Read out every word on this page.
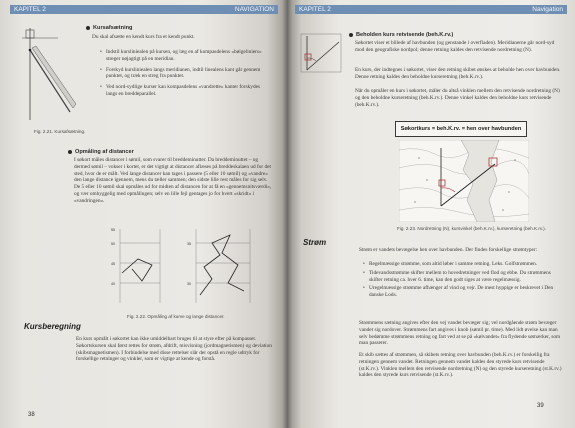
KAPITEL 2	NAVIGATION
Fig. 2.21. Kursafsætning.
Kursafsætning
Du skal afsætte en kendt kurs fra et kendt punkt.
• Indstil kursliniealen på kursen, og læg en af kompasdelens «bølgeliniers» streger nøjagtigt på en meridian.
• Forskyd kursliniealen langs meridianen, indtil linealens kant går gennem punktet, og træk en streg fra punktet.
• Ved nord-sydlige kurser kan kompasdelens «vandrette» kanter forskydes langs en breddeparallel.
Opmåling af distancer
I søkort måles distancer i sømil, som svarer til breddeminutter. Da breddeminuttet – og dermed sømil – vokser i kortet, er det vigtigt at distancer aflæses på breddeskalaen ud for det sted, hvor de er målt. Ved lange distancer kan tages i passere (5 eller 10 sømil) og «vandre» den lange distance igennem, mens du tæller sammen; den sidste lille rest måles for sig selv. De 5 eller 10 sømil skal opmåles ud for midten af distancen for at få en «gennemsnitsværdi», og vær omhyggelig med opmålingen; selv en lille fejl gentages jo for hvert «skridt» i «vandringen».
55
50
45
40
35
30
Fig. 2.22. Opmåling af kurve og lange distancer.
Kursberegning
En kurs opmålt i søkortet kan ikke umiddelbart bruges til at styre efter på kompasset. Søkortskursen skal først rettes for strøm, afdrift, misvisning (jordmagnetismen) og deviation (skibsmagnetismen). I forbindelse med disse rettelser slår der opstå en regle udtryk for forskellige retninger og vinkler, som er vigtige at kende og forstå.
38
KAPITEL 2	Navigation
Beholden kurs retvisende (beh.K.rv.)
Søkortet viser et billede af havbunden (og genstande i overfladen). Meridianerne går nord-syd mod den geografiske nordpol; denne retning kaldes den retvisende nordretning (N).
En kurs, der indtegnes i søkortet, viser den retning skibet ønskes at beholde hen over havbunden. Denne retning kaldes den beholdne kurseretning (beh.K.rv.).
Når du opmåler en kurs i søkortet, måler du altså vinklen mellem den retvisende nordretning (N) og den beholdne kurseretning (beh.K.rv.). Denne vinkel kaldes den beholdne kurs retvisende (beh.K.rv.).
Søkortkurs = beh.K.rv. = hen over havbunden
Fig. 2.23. Nordretning (N), kursvinkel (beh.K.rv.), kurseretning (beh.K.rv.).
Strøm
Strøm er vandets bevægelse hen over havbunden. Der findes forskellige strømtyper:
• Regelmæssige strømme, som altid løber i samme retning. Leks. Golfstrømmen.
• Tidevandsstrømme skifter mellem to hovedretninger ved flod og ebbe. Du strømmens skifter retning ca. hver 6. time, kan den godt siges at være regelmæssig.
• Uregelmæssige strømme afhænger af vind og vejr. De mest hyppige er beskrevet i Den danske Lods.
Strømmens sætning angives efter den vej vandet bevæger sig; vel nordgående strøm bevæger vandet sig nordover. Strømmens fart angives i knob (sømil pr. time). Med lidt øvelse kan man selv bedømme strømmens retning og fart ved at se på «kølvandet» fra flydende sømærker, som man passerer.
Et skib sættes af strømmen, så skibets retning over havbunden (beh.K.rv.) er forskellig fra retningen gennem vandet. Retningen gennem vandet kaldes den styrede kurs retvisende (st.K.rv.). Vinklen mellem den retvisende nordretning (N) og den styrede kurseretning (st.K.rv.) kaldes den styrede kurs retvisende (st.K.rv.).
39
